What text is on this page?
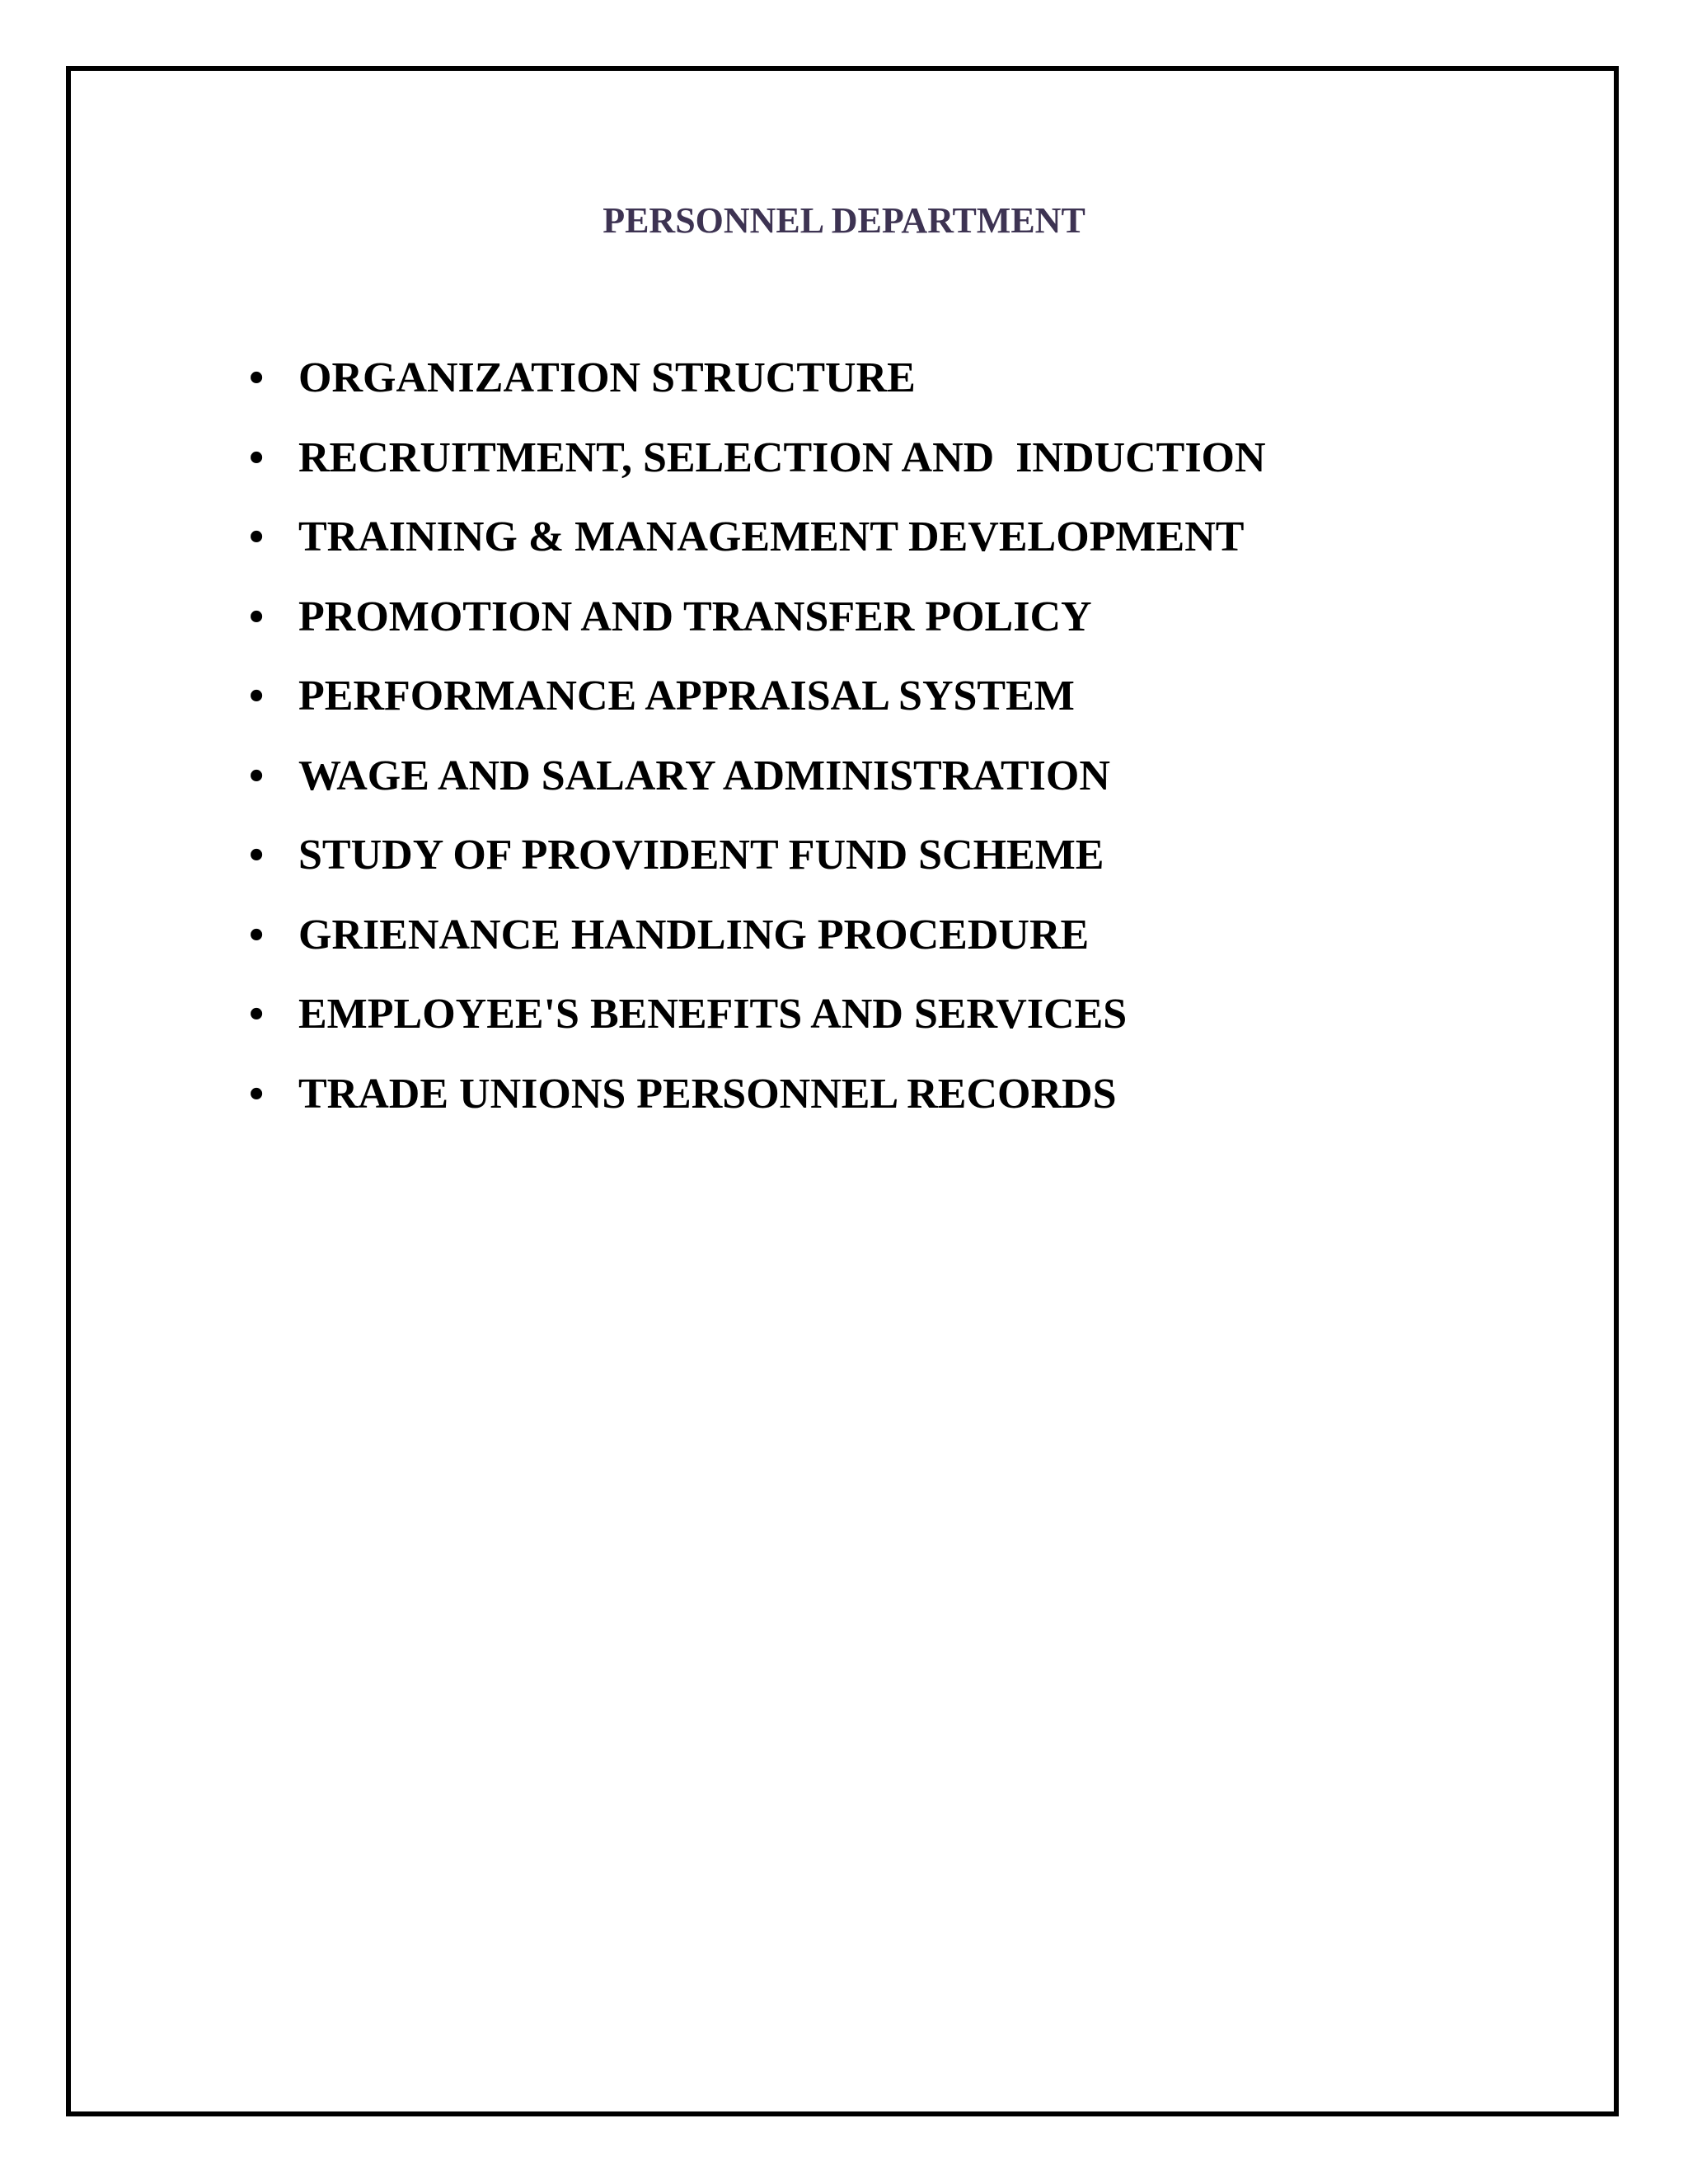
PERSONNEL DEPARTMENT
• ORGANIZATION STRUCTURE
• RECRUITMENT, SELECTION AND  INDUCTION
• TRAINING & MANAGEMENT DEVELOPMENT
• PROMOTION AND TRANSFER POLICY
• PERFORMANCE APPRAISAL SYSTEM
• WAGE AND SALARY ADMINISTRATION
• STUDY OF PROVIDENT FUND SCHEME
• GRIENANCE HANDLING PROCEDURE
• EMPLOYEE'S BENEFITS AND SERVICES
• TRADE UNIONS PERSONNEL RECORDS
